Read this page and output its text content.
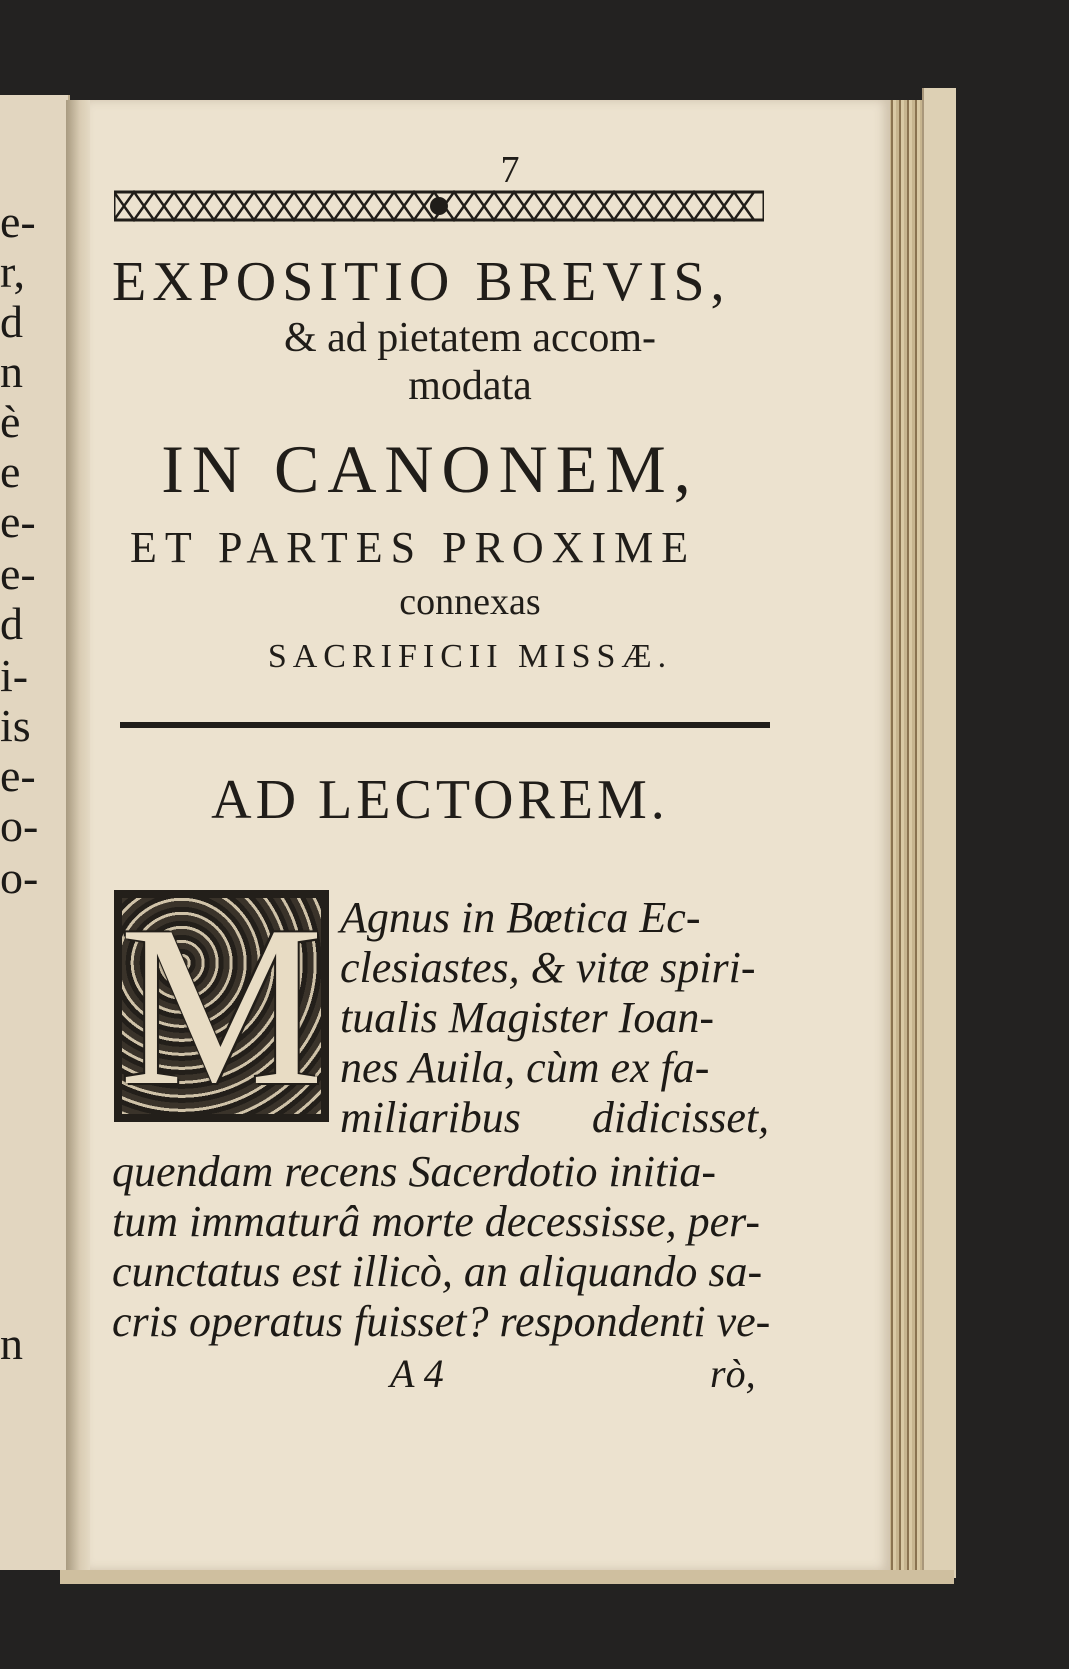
e-
r,
d
n
è
e
e-
e-
d
i-
is
e-
o-
o-
n
7
EXPOSITIO BREVIS,
& ad pietatem accom-
modata
IN CANONEM,
ET PARTES PROXIME
connexas
SACRIFICII MISSÆ.
AD LECTOREM.
M Agnus in Bœtica Ec-
clesiastes, & vitæ spiri-
tualis Magister Ioan-
nes Auila, cùm ex fa-
miliaribus didicisset,
quendam recens Sacerdotio initia-
tum immaturâ morte decessisse, per-
cunctatus est illicò, an aliquando sa-
cris operatus fuisset? respondenti ve-
A 4	rò,
